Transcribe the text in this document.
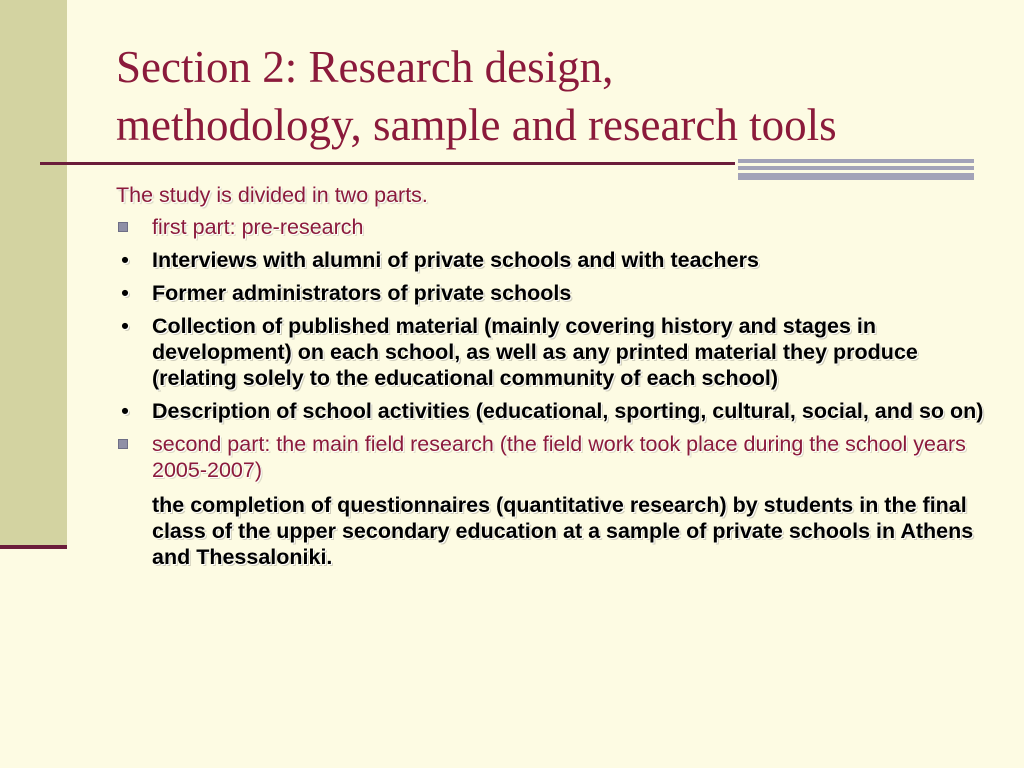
Section 2: Research design,
methodology, sample and research tools

The study is divided in two parts.

first part: pre-research
• Interviews with alumni of private schools and with teachers
• Former administrators of private schools
• Collection of published material (mainly covering history and stages in development) on each school, as well as any printed material they produce (relating solely to the educational community of each school)
• Description of school activities (educational, sporting, cultural, social, and so on)
second part: the main field research (the field work took place during the school years 2005-2007)
the completion of questionnaires (quantitative research) by students in the final class of the upper secondary education at a sample of private schools in Athens and Thessaloniki.
